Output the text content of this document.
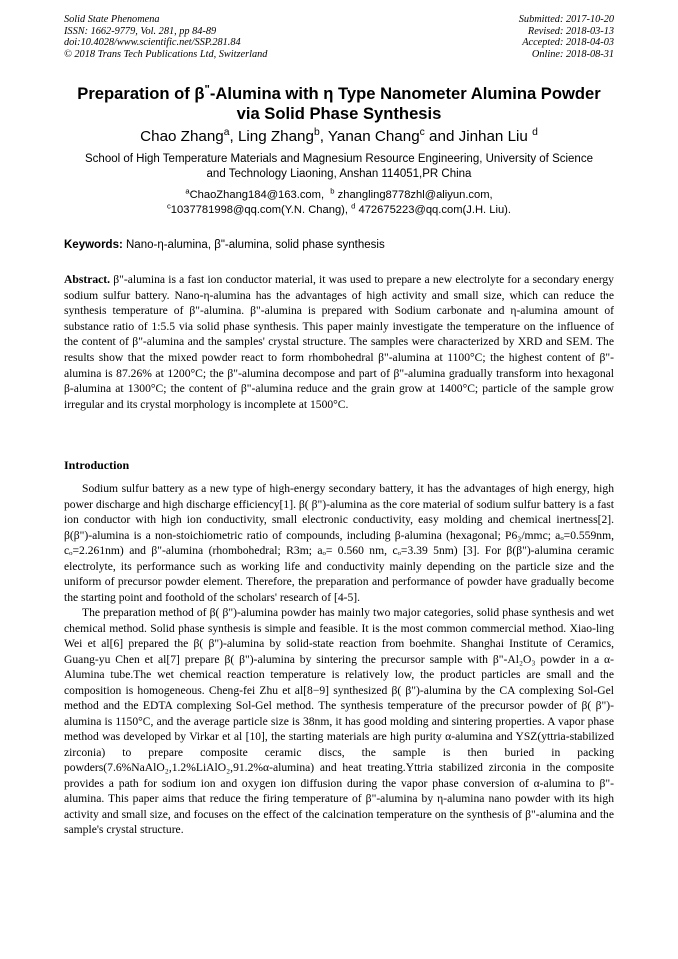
Solid State Phenomena
ISSN: 1662-9779, Vol. 281, pp 84-89
doi:10.4028/www.scientific.net/SSP.281.84
© 2018 Trans Tech Publications Ltd, Switzerland
Submitted: 2017-10-20
Revised: 2018-03-13
Accepted: 2018-04-03
Online: 2018-08-31
Preparation of β"-Alumina with η Type Nanometer Alumina Powder
via Solid Phase Synthesis
Chao Zhang$^a$, Ling Zhang$^b$, Yanan Chang$^c$ and Jinhan Liu $^d$
School of High Temperature Materials and Magnesium Resource Engineering, University of Science
and Technology Liaoning, Anshan 114051,PR China
$^a$ChaoZhang184@163.com, $^b$ zhangling8778zhl@aliyun.com,
$^c$1037781998@qq.com(Y.N. Chang), $^d$ 472675223@qq.com(J.H. Liu).
Keywords: Nano-η-alumina, β"-alumina, solid phase synthesis
Abstract. β"-alumina is a fast ion conductor material, it was used to prepare a new electrolyte for a secondary energy sodium sulfur battery. Nano-η-alumina has the advantages of high activity and small size, which can reduce the synthesis temperature of β"-alumina. β"-alumina is prepared with Sodium carbonate and η-alumina amount of substance ratio of 1:5.5 via solid phase synthesis. This paper mainly investigate the temperature on the influence of the content of β"-alumina and the samples' crystal structure. The samples were characterized by XRD and SEM. The results show that the mixed powder react to form rhombohedral β"-alumina at 1100°C; the highest content of β"-alumina is 87.26% at 1200°C; the β"-alumina decompose and part of β"-alumina gradually transform into hexagonal β-alumina at 1300°C; the content of β"-alumina reduce and the grain grow at 1400°C; particle of the sample grow irregular and its crystal morphology is incomplete at 1500°C.
Introduction

Sodium sulfur battery as a new type of high-energy secondary battery, it has the advantages of high energy, high power discharge and high discharge efficiency[1]. β( β")-alumina as the core material of sodium sulfur battery is a fast ion conductor with high ion conductivity, small electronic conductivity, easy molding and chemical inertness[2]. β(β")-alumina is a non-stoichiometric ratio of compounds, including β-alumina (hexagonal; P6₃/mmc; aₒ=0.559nm, cₒ=2.261nm) and β"-alumina (rhombohedral; R3m; aₒ= 0.560 nm, cₒ=3.39 5nm) [3]. For β(β")-alumina ceramic electrolyte, its performance such as working life and conductivity mainly depending on the particle size and the uniform of precursor powder element. Therefore, the preparation and performance of powder have gradually become the starting point and foothold of the scholars' research of [4-5].

The preparation method of β( β")-alumina powder has mainly two major categories, solid phase synthesis and wet chemical method. Solid phase synthesis is simple and feasible. It is the most common commercial method. Xiao-ling Wei et al[6] prepared the β( β")-alumina by solid-state reaction from boehmite. Shanghai Institute of Ceramics, Guang-yu Chen et al[7] prepare β( β")-alumina by sintering the precursor sample with β"-Al₂O₃ powder in a α-Alumina tube.The wet chemical reaction temperature is relatively low, the product particles are small and the composition is homogeneous. Cheng-fei Zhu et al[8−9] synthesized β( β")-alumina by the CA complexing Sol-Gel method and the EDTA complexing Sol-Gel method. The synthesis temperature of the precursor powder of β( β")-alumina is 1150°C, and the average particle size is 38nm, it has good molding and sintering properties. A vapor phase method was developed by Virkar et al [10], the starting materials are high purity α-alumina and YSZ(yttria-stabilized zirconia) to prepare composite ceramic discs, the sample is then buried in packing powders(7.6%NaAlO₂,1.2%LiAlO₂,91.2%α-alumina) and heat treating.Yttria stabilized zirconia in the composite provides a path for sodium ion and oxygen ion diffusion during the vapor phase conversion of α-alumina to β"-alumina. This paper aims that reduce the firing temperature of β"-alumina by η-alumina nano powder with its high activity and small size, and focuses on the effect of the calcination temperature on the synthesis of β"-alumina and the sample's crystal structure.
